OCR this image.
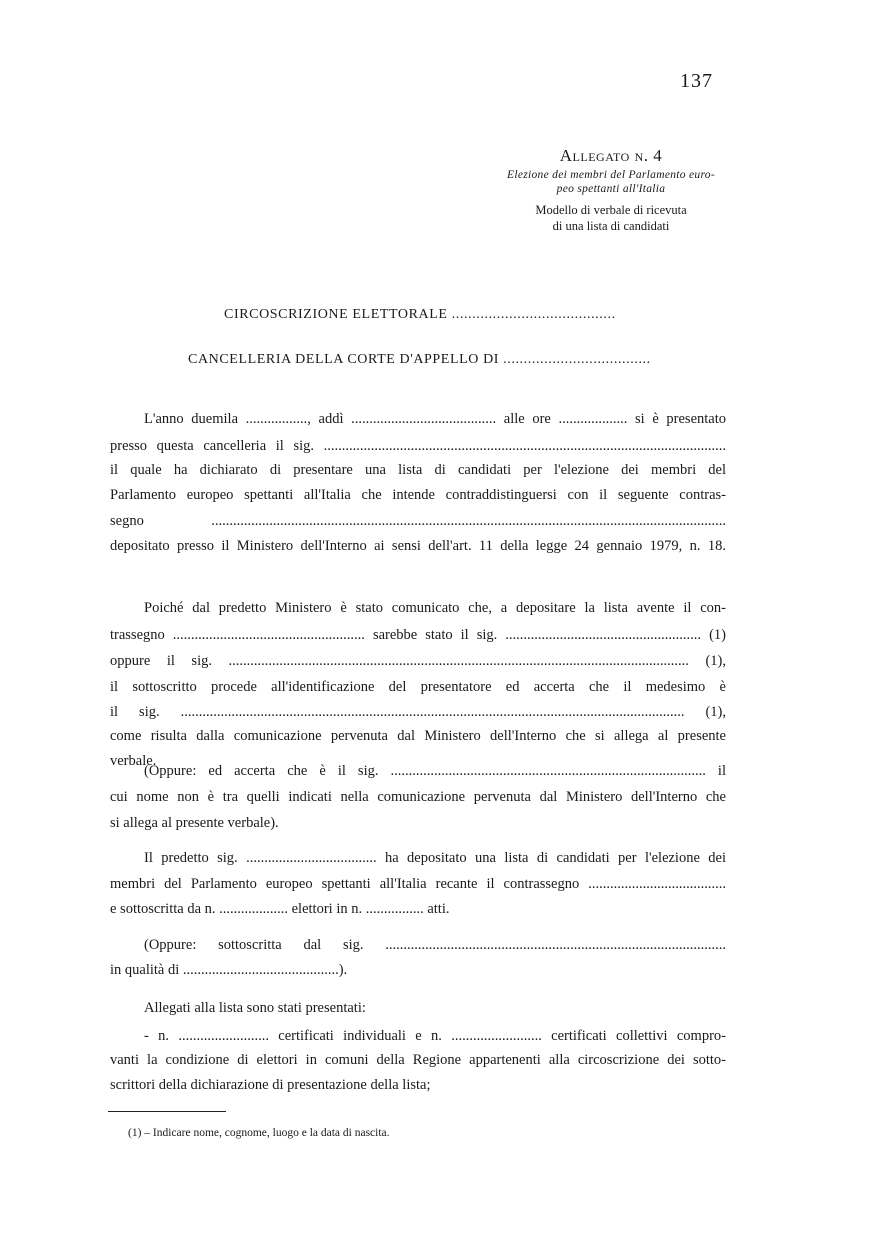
137
Allegato n. 4
Elezione dei membri del Parlamento euro-
peo spettanti all'Italia
Modello di verbale di ricevuta
di una lista di candidati
CIRCOSCRIZIONE ELETTORALE ........................................
CANCELLERIA DELLA CORTE D'APPELLO DI ....................................
L'anno duemila ................., addì ........................................ alle ore ................... si è presentato
presso questa cancelleria il sig. ...............................................................................................................
il quale ha dichiarato di presentare una lista di candidati per l'elezione dei membri del
Parlamento europeo spettanti all'Italia che intende contraddistinguersi con il seguente contras-
segno ..............................................................................................................................................
depositato presso il Ministero dell'Interno ai sensi dell'art. 11 della legge 24 gennaio 1979, n. 18.
Poiché dal predetto Ministero è stato comunicato che, a depositare la lista avente il con-
trassegno ..................................................... sarebbe stato il sig. ...................................................... (1)
oppure il sig. ............................................................................................................................... (1),
il sottoscritto procede all'identificazione del presentatore ed accerta che il medesimo è
il sig. ........................................................................................................................................... (1),
come risulta dalla comunicazione pervenuta dal Ministero dell'Interno che si allega al presente
verbale.
(Oppure: ed accerta che è il sig. ....................................................................................... il
cui nome non è tra quelli indicati nella comunicazione pervenuta dal Ministero dell'Interno che
si allega al presente verbale).
Il predetto sig. .................................... ha depositato una lista di candidati per l'elezione dei
membri del Parlamento europeo spettanti all'Italia recante il contrassegno ......................................
e sottoscritta da n. ................... elettori in n. ................ atti.
(Oppure: sottoscritta dal sig. ..............................................................................................
in qualità di ...........................................).
Allegati alla lista sono stati presentati:
- n. ......................... certificati individuali e n. ......................... certificati collettivi compro-
vanti la condizione di elettori in comuni della Regione appartenenti alla circoscrizione dei sotto-
scrittori della dichiarazione di presentazione della lista;
(1) – Indicare nome, cognome, luogo e la data di nascita.
